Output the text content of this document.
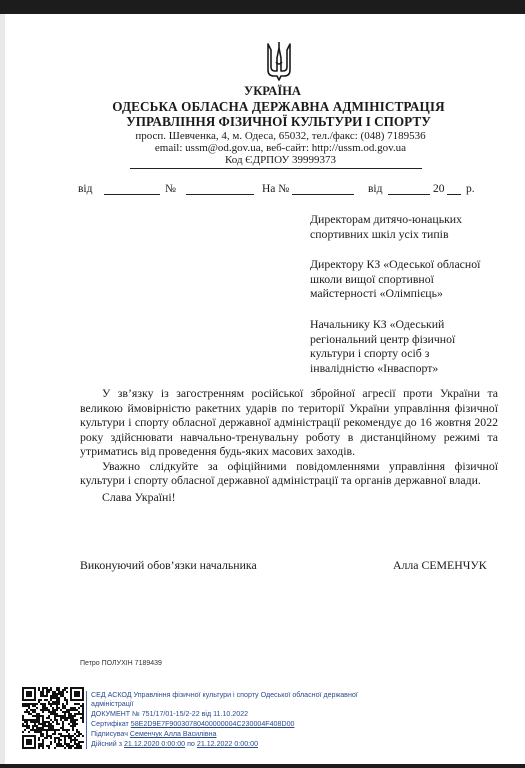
УКРАЇНА
ОДЕСЬКА ОБЛАСНА ДЕРЖАВНА АДМІНІСТРАЦІЯ
УПРАВЛІННЯ ФІЗИЧНОЇ КУЛЬТУРИ І СПОРТУ
просп. Шевченка, 4, м. Одеса, 65032, тел./факс: (048) 7189536
email: ussm@od.gov.ua, веб-сайт: http://ussm.od.gov.ua
Код ЄДРПОУ 39999373
від	№	На №	від	20 р.
Директорам дитячо-юнацьких
спортивних шкіл усіх типів
Директору КЗ «Одеської обласної
школи вищої спортивної
майстерності «Олімпієць»
Начальнику КЗ «Одеський
регіональний центр фізичної
культури і спорту осіб з
інвалідністю «Інваспорт»

У зв’язку із загостренням російської збройної агресії проти України та великою ймовірністю ракетних ударів по території України управління фізичної культури і спорту обласної державної адміністрації рекомендує до 16 жовтня 2022 року здійснювати навчально-тренувальну роботу в дистанційному режимі та утриматись від проведення будь-яких масових заходів.

Уважно слідкуйте за офіційними повідомленнями управління фізичної культури і спорту обласної державної адміністрації та органів державної влади.

Слава Україні!

Виконуючий обов’язки начальника	Алла СЕМЕНЧУК
Петро ПОЛУХІН 7189439
СЕД АСКОД Управління фізичної культури і спорту Одеської обласної державної
адміністрації
ДОКУМЕНТ № 751/17/01-15/2-22 від 11.10.2022
Сертифікат 58E2D9E7F90030780400000004C230004F408D00
Підписувач Семенчук Алла Василівна
Дійсний з 21.12.2020 0:00:00 по 21.12.2022 0:00:00
